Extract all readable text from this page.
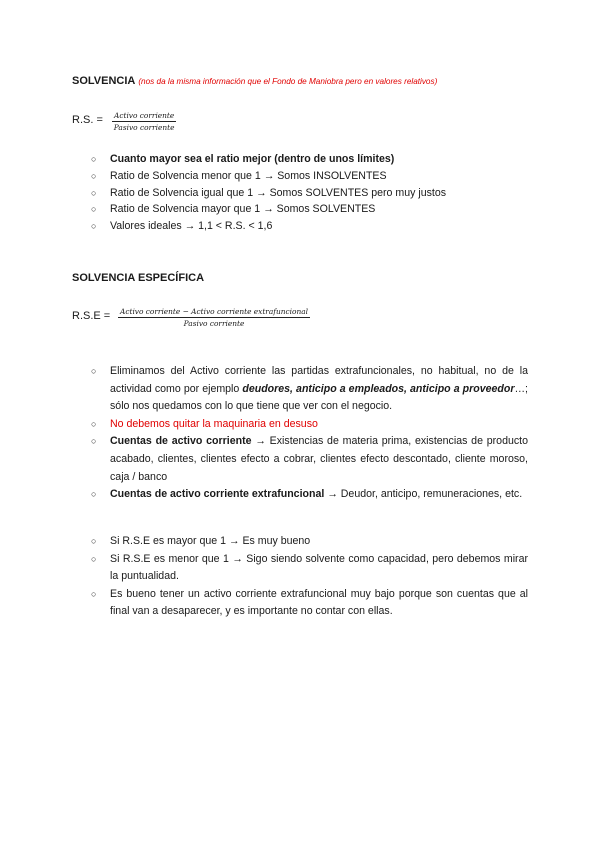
SOLVENCIA (nos da la misma información que el Fondo de Maniobra pero en valores relativos)
R.S. = Activo corriente
Pasivo corriente
○ Cuanto mayor sea el ratio mejor (dentro de unos límites)
○ Ratio de Solvencia menor que 1 → Somos INSOLVENTES
○ Ratio de Solvencia igual que 1 → Somos SOLVENTES pero muy justos
○ Ratio de Solvencia mayor que 1 → Somos SOLVENTES
○ Valores ideales → 1,1 < R.S. < 1,6
SOLVENCIA ESPECÍFICA
R.S.E = Activo corriente − Activo corriente extrafuncional
Pasivo corriente
○ Eliminamos del Activo corriente las partidas extrafuncionales, no habitual, no de la actividad como por ejemplo deudores, anticipo a empleados, anticipo a proveedor…; sólo nos quedamos con lo que tiene que ver con el negocio.
○ No debemos quitar la maquinaria en desuso
○ Cuentas de activo corriente → Existencias de materia prima, existencias de producto acabado, clientes, clientes efecto a cobrar, clientes efecto descontado, cliente moroso, caja / banco
○ Cuentas de activo corriente extrafuncional → Deudor, anticipo, remuneraciones, etc.
○ Si R.S.E es mayor que 1 → Es muy bueno
○ Si R.S.E es menor que 1 → Sigo siendo solvente como capacidad, pero debemos mirar la puntualidad.
○ Es bueno tener un activo corriente extrafuncional muy bajo porque son cuentas que al final van a desaparecer, y es importante no contar con ellas.
